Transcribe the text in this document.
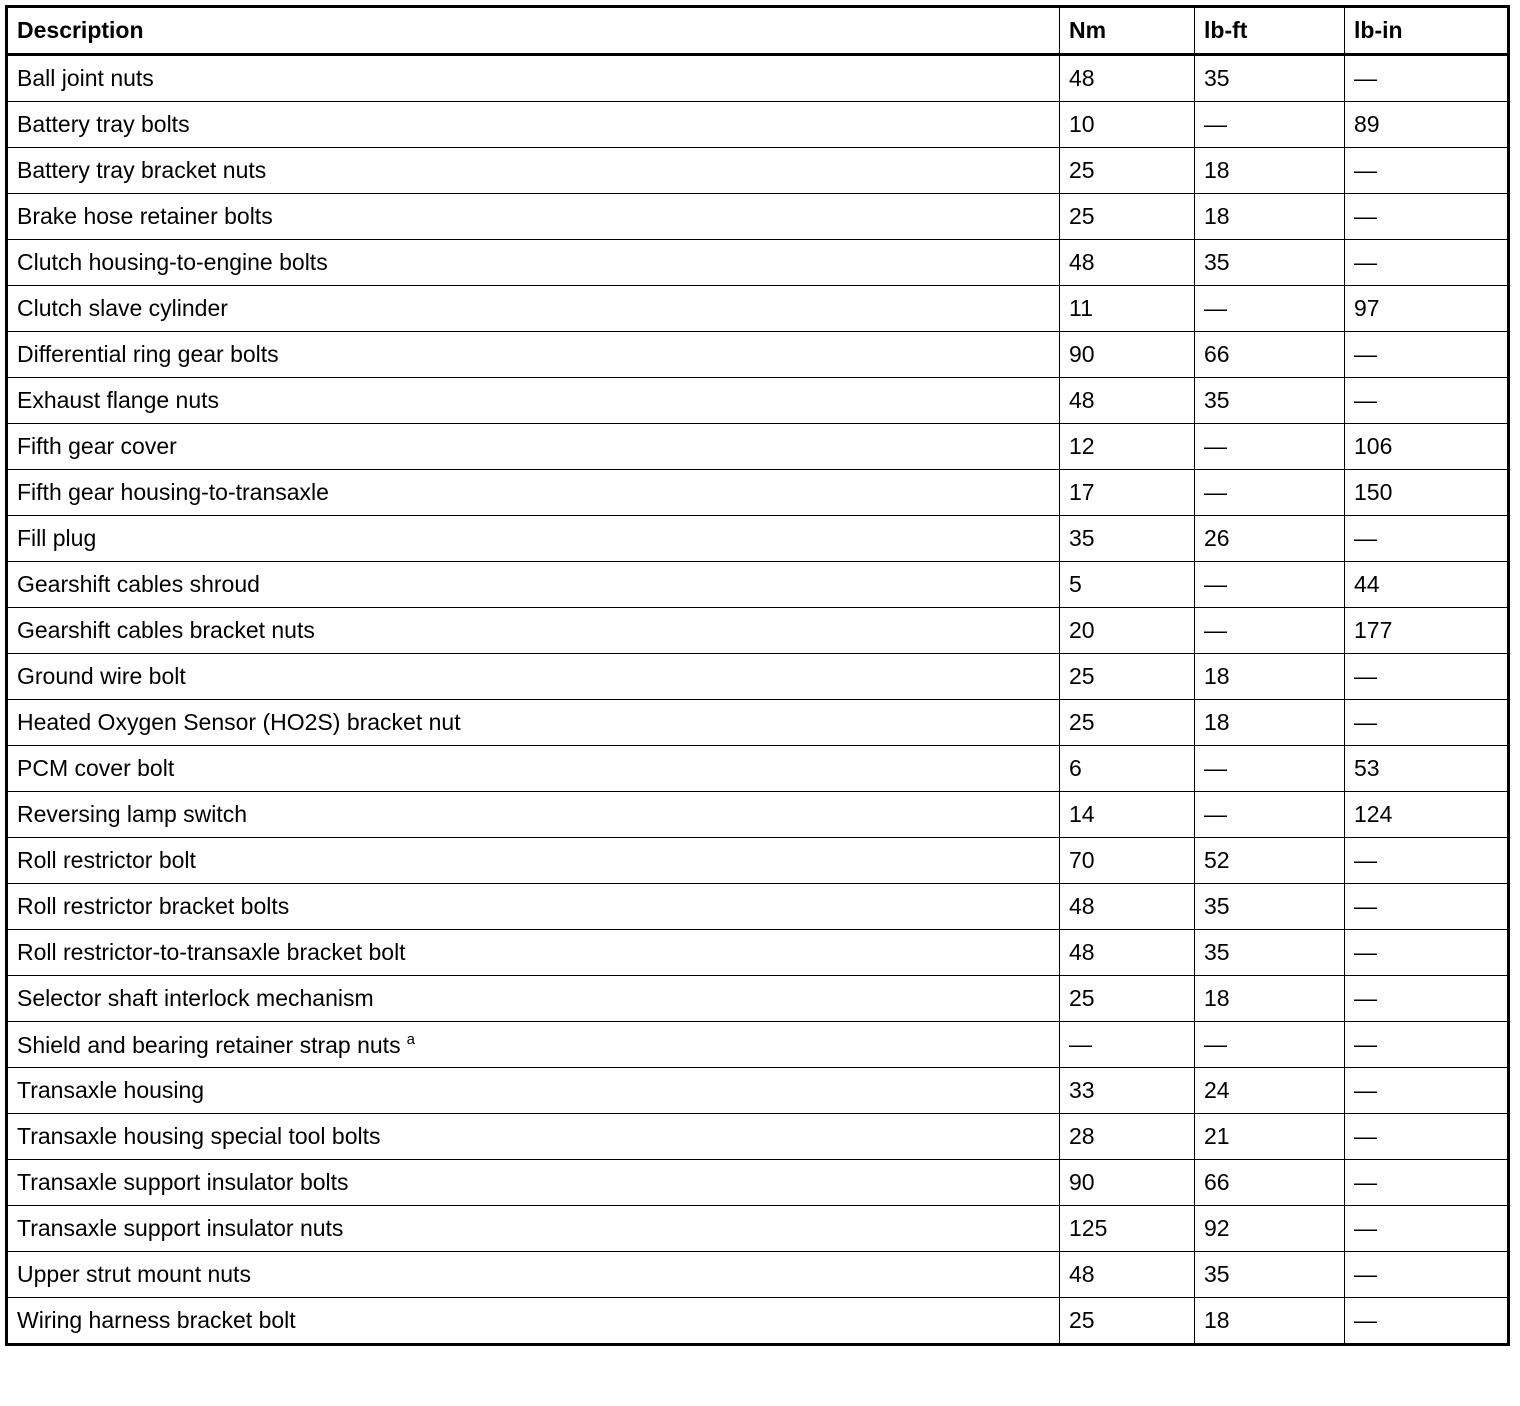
Description	Nm	lb-ft	lb-in
Ball joint nuts	48	35	—
Battery tray bolts	10	—	89
Battery tray bracket nuts	25	18	—
Brake hose retainer bolts	25	18	—
Clutch housing-to-engine bolts	48	35	—
Clutch slave cylinder	11	—	97
Differential ring gear bolts	90	66	—
Exhaust flange nuts	48	35	—
Fifth gear cover	12	—	106
Fifth gear housing-to-transaxle	17	—	150
Fill plug	35	26	—
Gearshift cables shroud	5	—	44
Gearshift cables bracket nuts	20	—	177
Ground wire bolt	25	18	—
Heated Oxygen Sensor (HO2S) bracket nut	25	18	—
PCM cover bolt	6	—	53
Reversing lamp switch	14	—	124
Roll restrictor bolt	70	52	—
Roll restrictor bracket bolts	48	35	—
Roll restrictor-to-transaxle bracket bolt	48	35	—
Selector shaft interlock mechanism	25	18	—
Shield and bearing retainer strap nuts $^a$	—	—	—
Transaxle housing	33	24	—
Transaxle housing special tool bolts	28	21	—
Transaxle support insulator bolts	90	66	—
Transaxle support insulator nuts	125	92	—
Upper strut mount nuts	48	35	—
Wiring harness bracket bolt	25	18	—
